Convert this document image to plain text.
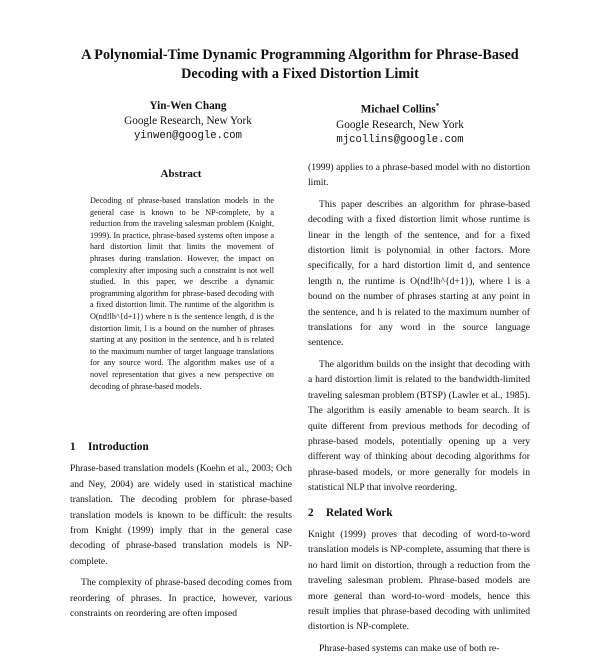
A Polynomial-Time Dynamic Programming Algorithm for Phrase-Based
Decoding with a Fixed Distortion Limit
Yin-Wen Chang
Google Research, New York
yinwen@google.com
Michael Collins*
Google Research, New York
mjcollins@google.com
Abstract
Decoding of phrase-based translation models in the general case is known to be NP-complete, by a reduction from the traveling salesman problem (Knight, 1999). In practice, phrase-based systems often impose a hard distortion limit that limits the movement of phrases during translation. However, the impact on complexity after imposing such a constraint is not well studied. In this paper, we describe a dynamic programming algorithm for phrase-based decoding with a fixed distortion limit. The runtime of the algorithm is O(nd!lh^{d+1}) where n is the sentence length, d is the distortion limit, l is a bound on the number of phrases starting at any position in the sentence, and h is related to the maximum number of target language translations for any source word. The algorithm makes use of a novel representation that gives a new perspective on decoding of phrase-based models.
1 Introduction

Phrase-based translation models (Koehn et al., 2003; Och and Ney, 2004) are widely used in statistical machine translation. The decoding problem for phrase-based translation models is known to be difficult: the results from Knight (1999) imply that in the general case decoding of phrase-based translation models is NP-complete.

The complexity of phrase-based decoding comes from reordering of phrases. In practice, however, various constraints on reordering are often imposed

(1999) applies to a phrase-based model with no distortion limit.

This paper describes an algorithm for phrase-based decoding with a fixed distortion limit whose runtime is linear in the length of the sentence, and for a fixed distortion limit is polynomial in other factors. More specifically, for a hard distortion limit d, and sentence length n, the runtime is O(nd!lh^{d+1}), where l is a bound on the number of phrases starting at any point in the sentence, and h is related to the maximum number of translations for any word in the source language sentence.

The algorithm builds on the insight that decoding with a hard distortion limit is related to the bandwidth-limited traveling salesman problem (BTSP) (Lawler et al., 1985). The algorithm is easily amenable to beam search. It is quite different from previous methods for decoding of phrase-based models, potentially opening up a very different way of thinking about decoding algorithms for phrase-based models, or more generally for models in statistical NLP that involve reordering.

2 Related Work

Knight (1999) proves that decoding of word-to-word translation models is NP-complete, assuming that there is no hard limit on distortion, through a reduction from the traveling salesman problem. Phrase-based models are more general than word-to-word models, hence this result implies that phrase-based decoding with unlimited distortion is NP-complete.

Phrase-based systems can make use of both re-
